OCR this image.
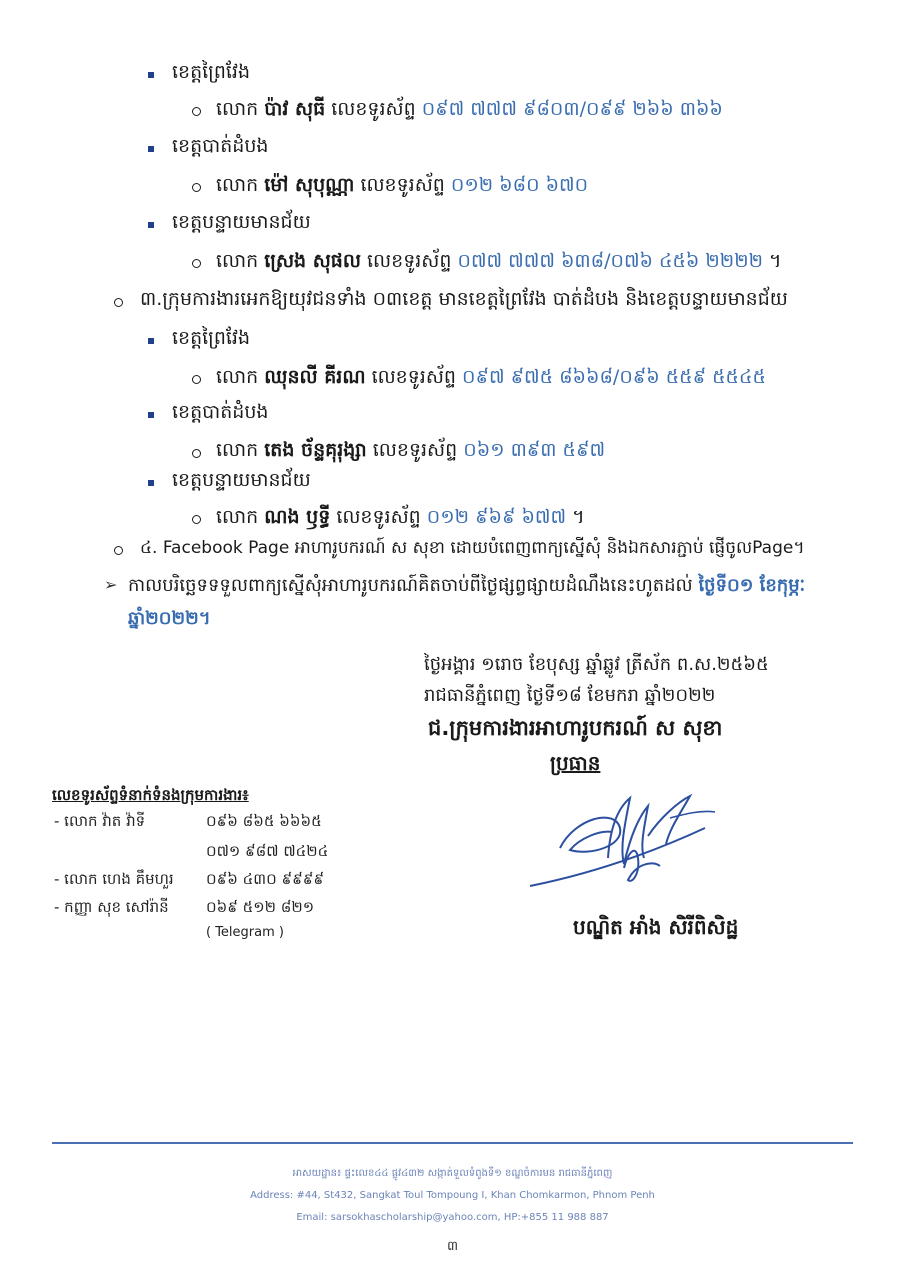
ខេត្តព្រៃវែង
លោក ប៉ាវ សុធី លេខទូរស័ព្ទ ០៩៧ ៧៧៧ ៩៨០៣/០៩៩ ២៦៦ ៣៦៦
ខេត្តបាត់ដំបង
លោក ម៉ៅ សុបុណ្ណា លេខទូរស័ព្ទ ០១២ ៦៨០ ៦៧០
ខេត្តបន្ទាយមានជ័យ
លោក ស្រេង សុផល លេខទូរស័ព្ទ ០៧៧ ៧៧៧ ៦៣៨/០៧៦ ៤៥៦ ២២២២ ។
៣.ក្រុមការងារអេកឱ្យយុវជនទាំង ០៣ខេត្ត មានខេត្តព្រៃវែង បាត់ដំបង និងខេត្តបន្ទាយមានជ័យ
ខេត្តព្រៃវែង
លោក ឈុនលី គីរណ លេខទូរស័ព្ទ ០៩៧ ៩៧៥ ៨៦៦៨/០៩៦ ៥៥៩ ៥៥៤៥
ខេត្តបាត់ដំបង
លោក តេង ច័ន្ទគុរុង្សា លេខទូរស័ព្ទ ០៦១ ៣៩៣ ៥៩៧
ខេត្តបន្ទាយមានជ័យ
លោក ណង ឫទ្ធី លេខទូរស័ព្ទ ០១២ ៩៦៩ ៦៧៧ ។
៤. Facebook Page អាហារូបករណ៍ ស សុខា ដោយបំពេញពាក្យស្នើសុំ និងឯកសារភ្ជាប់ ផ្ញើចូលPage។
➢ កាលបរិច្ឆេទទទួលពាក្យស្នើសុំអាហារូបករណ៍គិតចាប់ពីថ្ងៃផ្សព្វផ្សាយដំណឹងនេះហូតដល់ ថ្ងៃទី០១ ខែកុម្ភៈ
ឆ្នាំ២០២២។
ថ្ងៃអង្គារ ១រោច ខែបុស្ស ឆ្នាំឆ្លូវ ត្រីស័ក ព.ស.២៥៦៥
រាជធានីភ្នំពេញ ថ្ងៃទី១៨ ខែមករា ឆ្នាំ២០២២
ជ.ក្រុមការងារអាហារូបករណ៍ ស សុខា
ប្រធាន
បណ្ឌិត អាំង សិរីពិសិដ្ឋ
លេខទូរស័ព្ទទំនាក់ទំនងក្រុមការងារ៖
- លោក វ៉ាត វ៉ាទី	០៩៦ ៨៦៥ ៦៦៦៥
០៧១ ៩៨៧ ៧៤២៤
- លោក ហេង គឹមហួរ ០៩៦ ៤៣០ ៩៩៩៩
- កញ្ញា សុខ សៅរ៉ានី ០៦៩ ៥១២ ៨២១
( Telegram )
អាសយដ្ឋាន៖ ផ្ទះលេខ៤៤ ផ្លូវ៤៣២ សង្កាត់ទួលទំពូងទី១ ខណ្ឌចំការមន រាជធានីភ្នំពេញ
Address: #44, St432, Sangkat Toul Tompoung I, Khan Chomkarmon, Phnom Penh
Email: sarsokhascholarship@yahoo.com, HP:+855 11 988 887
៣
